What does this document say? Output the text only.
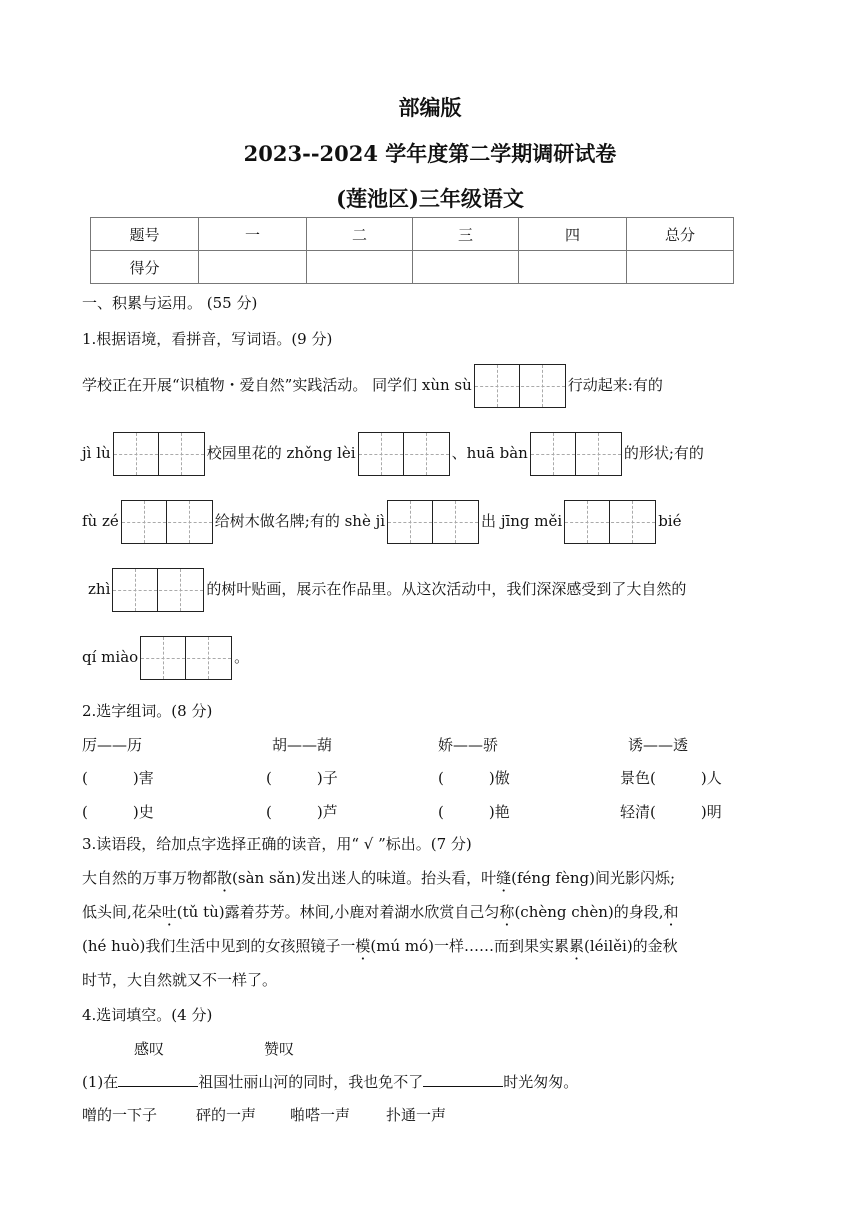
部编版
2023--2024 学年度第二学期调研试卷
(莲池区)三年级语文
题号	一	二	三	四	总分
得分					
一、积累与运用。 (55 分)
1.根据语境，看拼音，写词语。(9 分)
学校正在开展“识植物・爱自然”实践活动。 同学们 xùn sù	行动起来:有的
jì lù	校园里花的 zhǒng lèi	、huā bàn	的形状;有的
fù zé	给树木做名牌;有的 shè jì	出 jīng měi	bié
zhì	的树叶贴画，展示在作品里。从这次活动中，我们深深感受到了大自然的
qí miào	。
2.选字组词。(8 分)
厉——历	胡——葫	娇——骄	诱——透
(　　　)害	(　　　)子	(　　　)傲	景色(　　　)人
(　　　)史	(　　　)芦	(　　　)艳	轻清(　　　)明
3.读语段，给加点字选择正确的读音，用“ √ ”标出。(7 分)
大自然的万事万物都散(sàn sǎn)发出迷人的味道。抬头看，叶缝(féng fèng)间光影闪烁;
低头间,花朵吐(tǔ tù)露着芬芳。林间,小鹿对着湖水欣赏自己匀称(chèng chèn)的身段,和
(hé huò)我们生活中见到的女孩照镜子一模(mú mó)一样……而到果实累累(léilěi)的金秋
时节，大自然就又不一样了。
4.选词填空。(4 分)
感叹	赞叹
(1)在	祖国壮丽山河的同时，我也免不了	时光匆匆。
噌的一下子	砰的一声 啪嗒一声 扑通一声
